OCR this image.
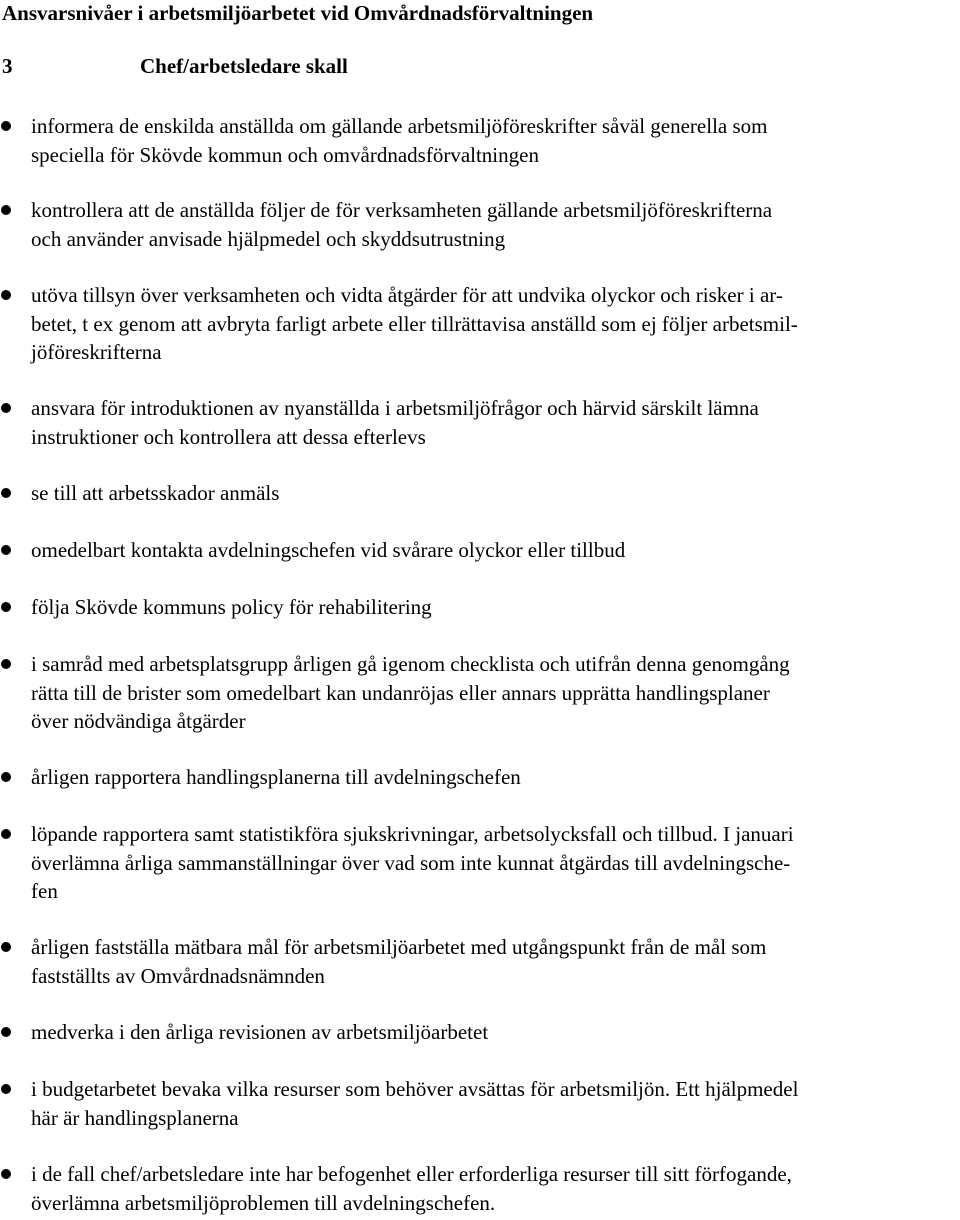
Ansvarsnivåer i arbetsmiljöarbetet vid Omvårdnadsförvaltningen
3	Chef/arbetsledare skall
informera de enskilda anställda om gällande arbetsmiljöföreskrifter såväl generella som
speciella för Skövde kommun och omvårdnadsförvaltningen
kontrollera att de anställda följer de för verksamheten gällande arbetsmiljöföreskrifterna
och använder anvisade hjälpmedel och skyddsutrustning
utöva tillsyn över verksamheten och vidta åtgärder för att undvika olyckor och risker i ar-
betet, t ex genom att avbryta farligt arbete eller tillrättavisa anställd som ej följer arbetsmil-
jöföreskrifterna
ansvara för introduktionen av nyanställda i arbetsmiljöfrågor och härvid särskilt lämna
instruktioner och kontrollera att dessa efterlevs
se till att arbetsskador anmäls
omedelbart kontakta avdelningschefen vid svårare olyckor eller tillbud
följa Skövde kommuns policy för rehabilitering
i samråd med arbetsplatsgrupp årligen gå igenom checklista och utifrån denna genomgång
rätta till de brister som omedelbart kan undanröjas eller annars upprätta handlingsplaner
över nödvändiga åtgärder
årligen rapportera handlingsplanerna till avdelningschefen
löpande rapportera samt statistikföra sjukskrivningar, arbetsolycksfall och tillbud. I januari
överlämna årliga sammanställningar över vad som inte kunnat åtgärdas till avdelningsche-
fen
årligen fastställa mätbara mål för arbetsmiljöarbetet med utgångspunkt från de mål som
fastställts av Omvårdnadsnämnden
medverka i den årliga revisionen av arbetsmiljöarbetet
i budgetarbetet bevaka vilka resurser som behöver avsättas för arbetsmiljön. Ett hjälpmedel
här är handlingsplanerna
i de fall chef/arbetsledare inte har befogenhet eller erforderliga resurser till sitt förfogande,
överlämna arbetsmiljöproblemen till avdelningschefen.
